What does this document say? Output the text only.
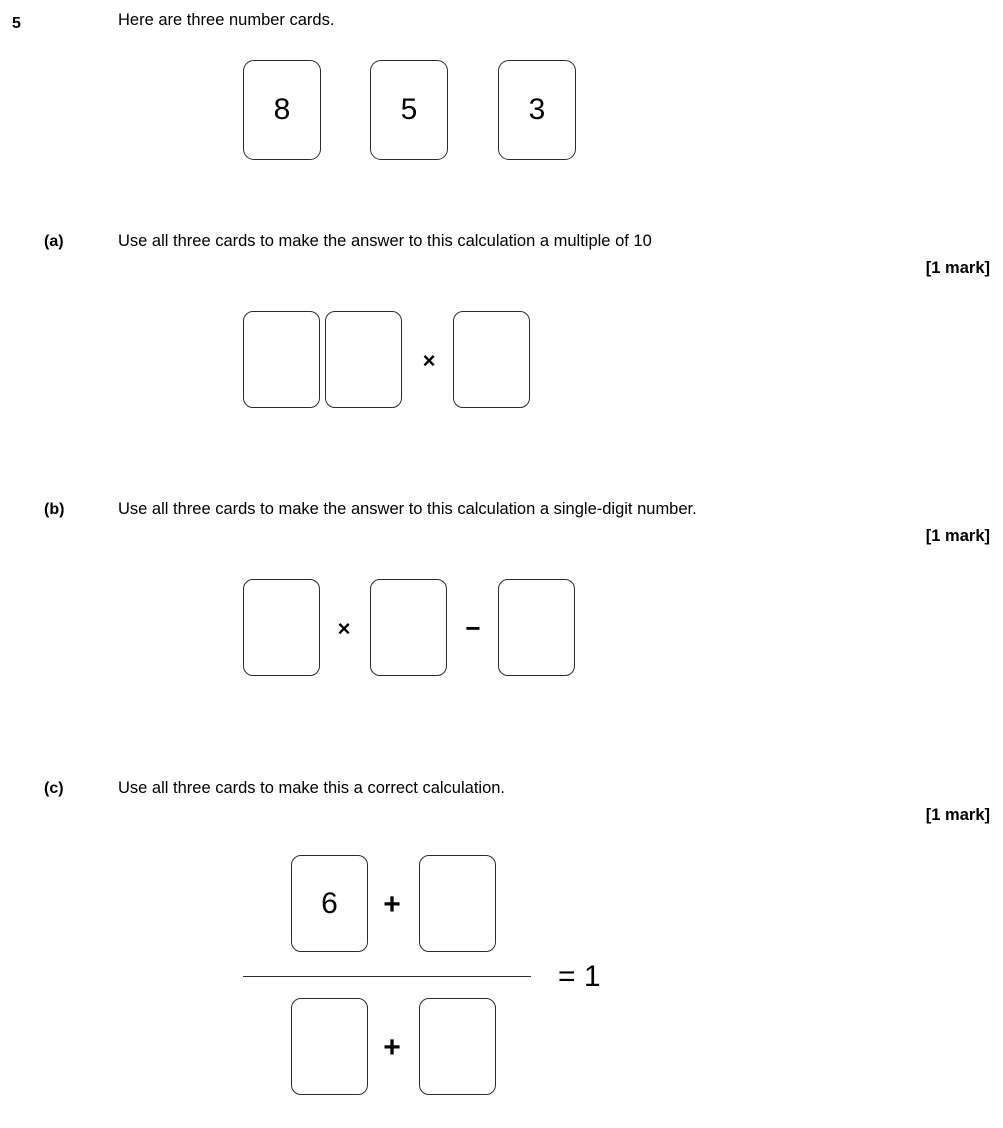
5	Here are three number cards.
8	5	3
(a)	Use all three cards to make the answer to this calculation a multiple of 10
[1 mark]
×
(b)	Use all three cards to make the answer to this calculation a single-digit number.
[1 mark]
×	−
(c)	Use all three cards to make this a correct calculation.
[1 mark]
6 +
= 1
+
